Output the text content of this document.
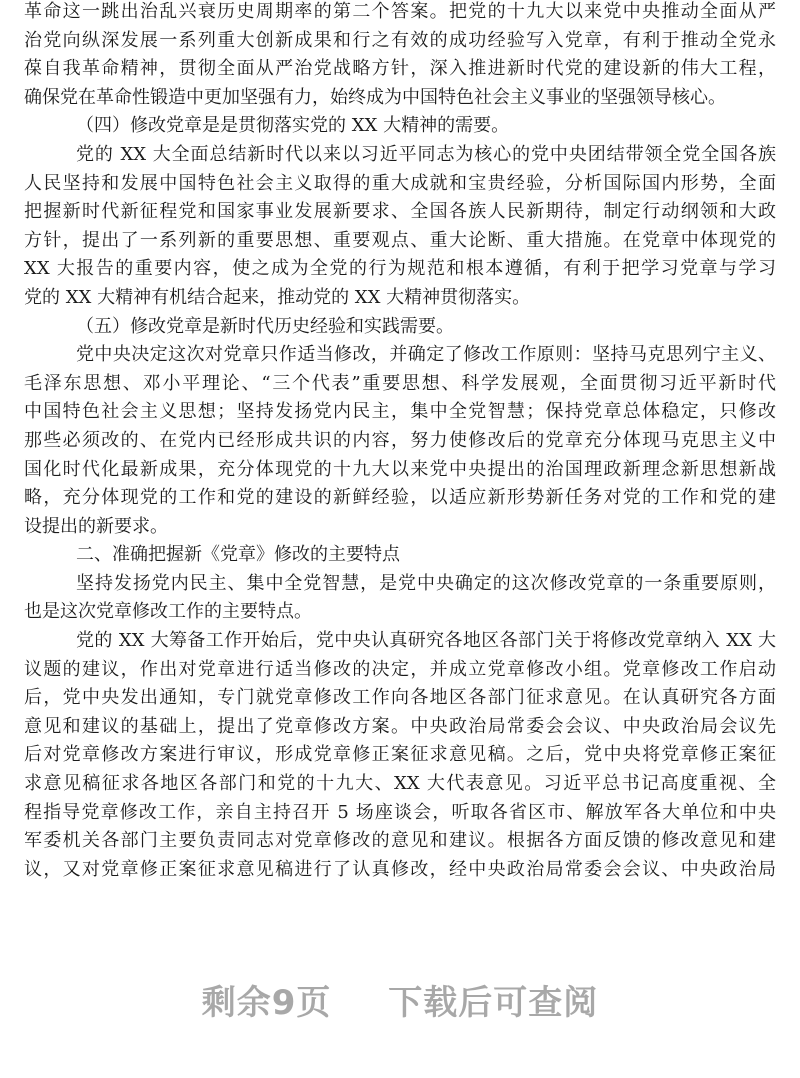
革命这一跳出治乱兴衰历史周期率的第二个答案。把党的十九大以来党中央推动全面从严
治党向纵深发展一系列重大创新成果和行之有效的成功经验写入党章，有利于推动全党永
葆自我革命精神，贯彻全面从严治党战略方针，深入推进新时代党的建设新的伟大工程，
确保党在革命性锻造中更加坚强有力，始终成为中国特色社会主义事业的坚强领导核心。
（四）修改党章是是贯彻落实党的 XX 大精神的需要。
党的 XX 大全面总结新时代以来以习近平同志为核心的党中央团结带领全党全国各族
人民坚持和发展中国特色社会主义取得的重大成就和宝贵经验，分析国际国内形势，全面
把握新时代新征程党和国家事业发展新要求、全国各族人民新期待，制定行动纲领和大政
方针，提出了一系列新的重要思想、重要观点、重大论断、重大措施。在党章中体现党的
XX 大报告的重要内容，使之成为全党的行为规范和根本遵循，有利于把学习党章与学习
党的 XX 大精神有机结合起来，推动党的 XX 大精神贯彻落实。
（五）修改党章是新时代历史经验和实践需要。
党中央决定这次对党章只作适当修改，并确定了修改工作原则：坚持马克思列宁主义、
毛泽东思想、邓小平理论、“三个代表”重要思想、科学发展观，全面贯彻习近平新时代
中国特色社会主义思想；坚持发扬党内民主，集中全党智慧；保持党章总体稳定，只修改
那些必须改的、在党内已经形成共识的内容，努力使修改后的党章充分体现马克思主义中
国化时代化最新成果，充分体现党的十九大以来党中央提出的治国理政新理念新思想新战
略，充分体现党的工作和党的建设的新鲜经验，以适应新形势新任务对党的工作和党的建
设提出的新要求。
二、准确把握新《党章》修改的主要特点
坚持发扬党内民主、集中全党智慧，是党中央确定的这次修改党章的一条重要原则，
也是这次党章修改工作的主要特点。
党的 XX 大筹备工作开始后，党中央认真研究各地区各部门关于将修改党章纳入 XX 大
议题的建议，作出对党章进行适当修改的决定，并成立党章修改小组。党章修改工作启动
后，党中央发出通知，专门就党章修改工作向各地区各部门征求意见。在认真研究各方面
意见和建议的基础上，提出了党章修改方案。中央政治局常委会会议、中央政治局会议先
后对党章修改方案进行审议，形成党章修正案征求意见稿。之后，党中央将党章修正案征
求意见稿征求各地区各部门和党的十九大、XX 大代表意见。习近平总书记高度重视、全
程指导党章修改工作，亲自主持召开 5 场座谈会，听取各省区市、解放军各大单位和中央
军委机关各部门主要负责同志对党章修改的意见和建议。根据各方面反馈的修改意见和建
议，又对党章修正案征求意见稿进行了认真修改，经中央政治局常委会会议、中央政治局
剩余9页 下载后可查阅
